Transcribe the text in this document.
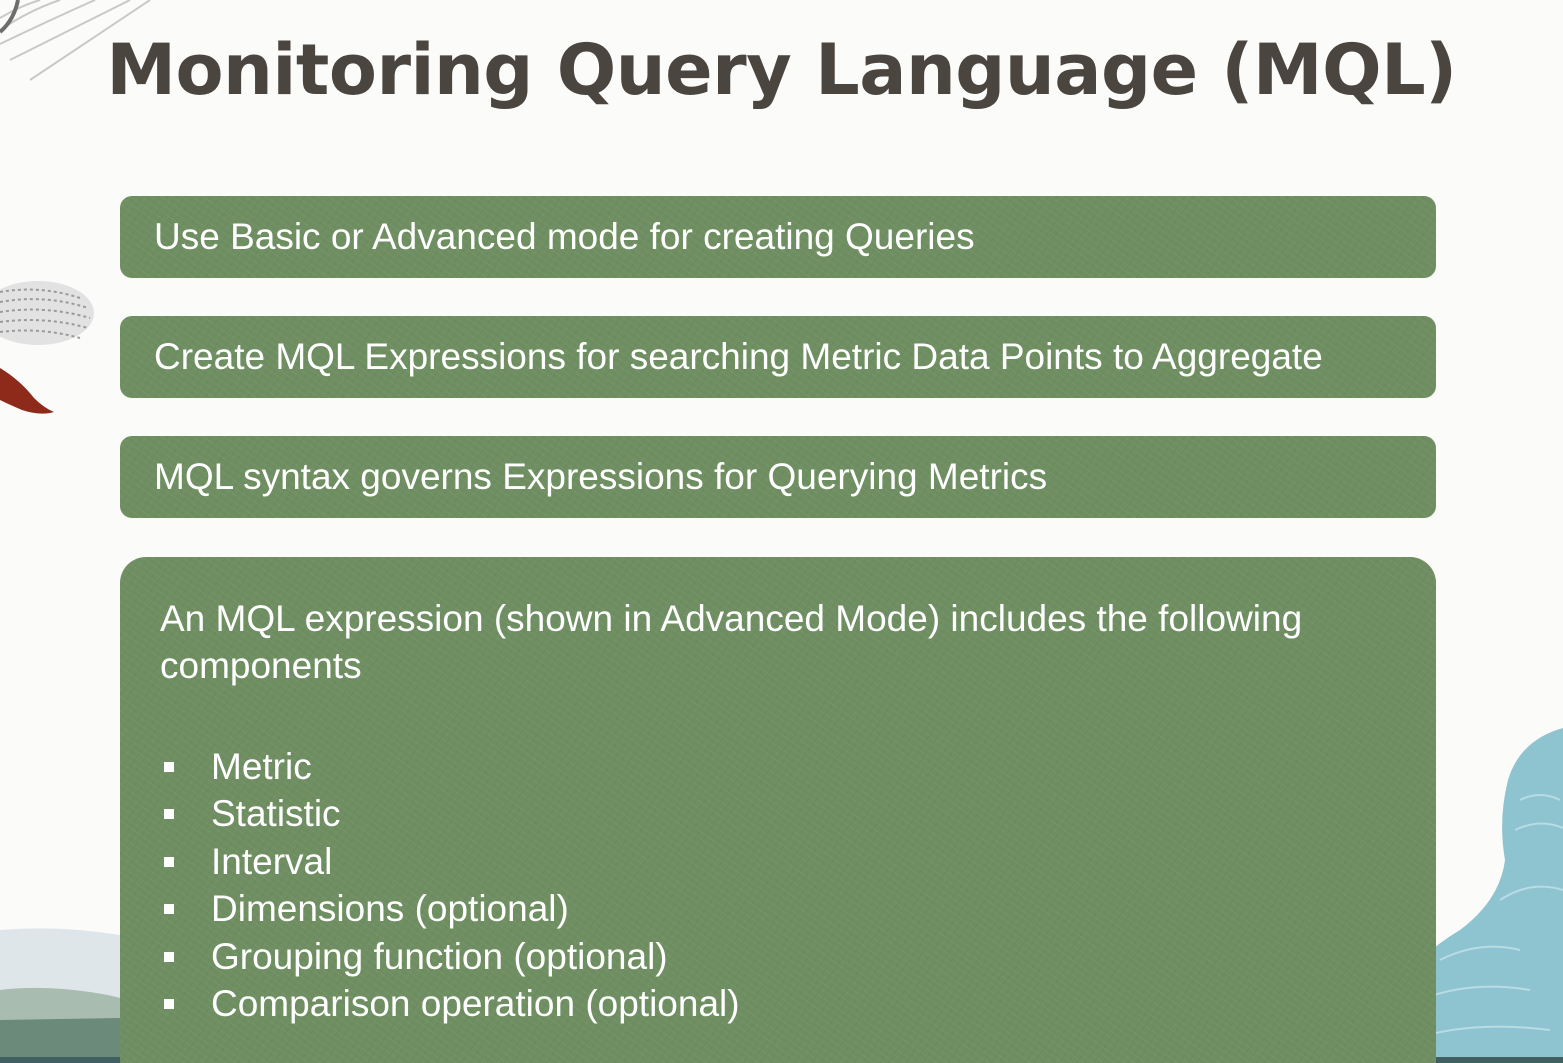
Monitoring Query Language (MQL)
Use Basic or Advanced mode for creating Queries
Create MQL Expressions for searching Metric Data Points to Aggregate
MQL syntax governs Expressions for Querying Metrics

An MQL expression (shown in Advanced Mode) includes the following components

Metric
Statistic
Interval
Dimensions (optional)
Grouping function (optional)
Comparison operation (optional)
